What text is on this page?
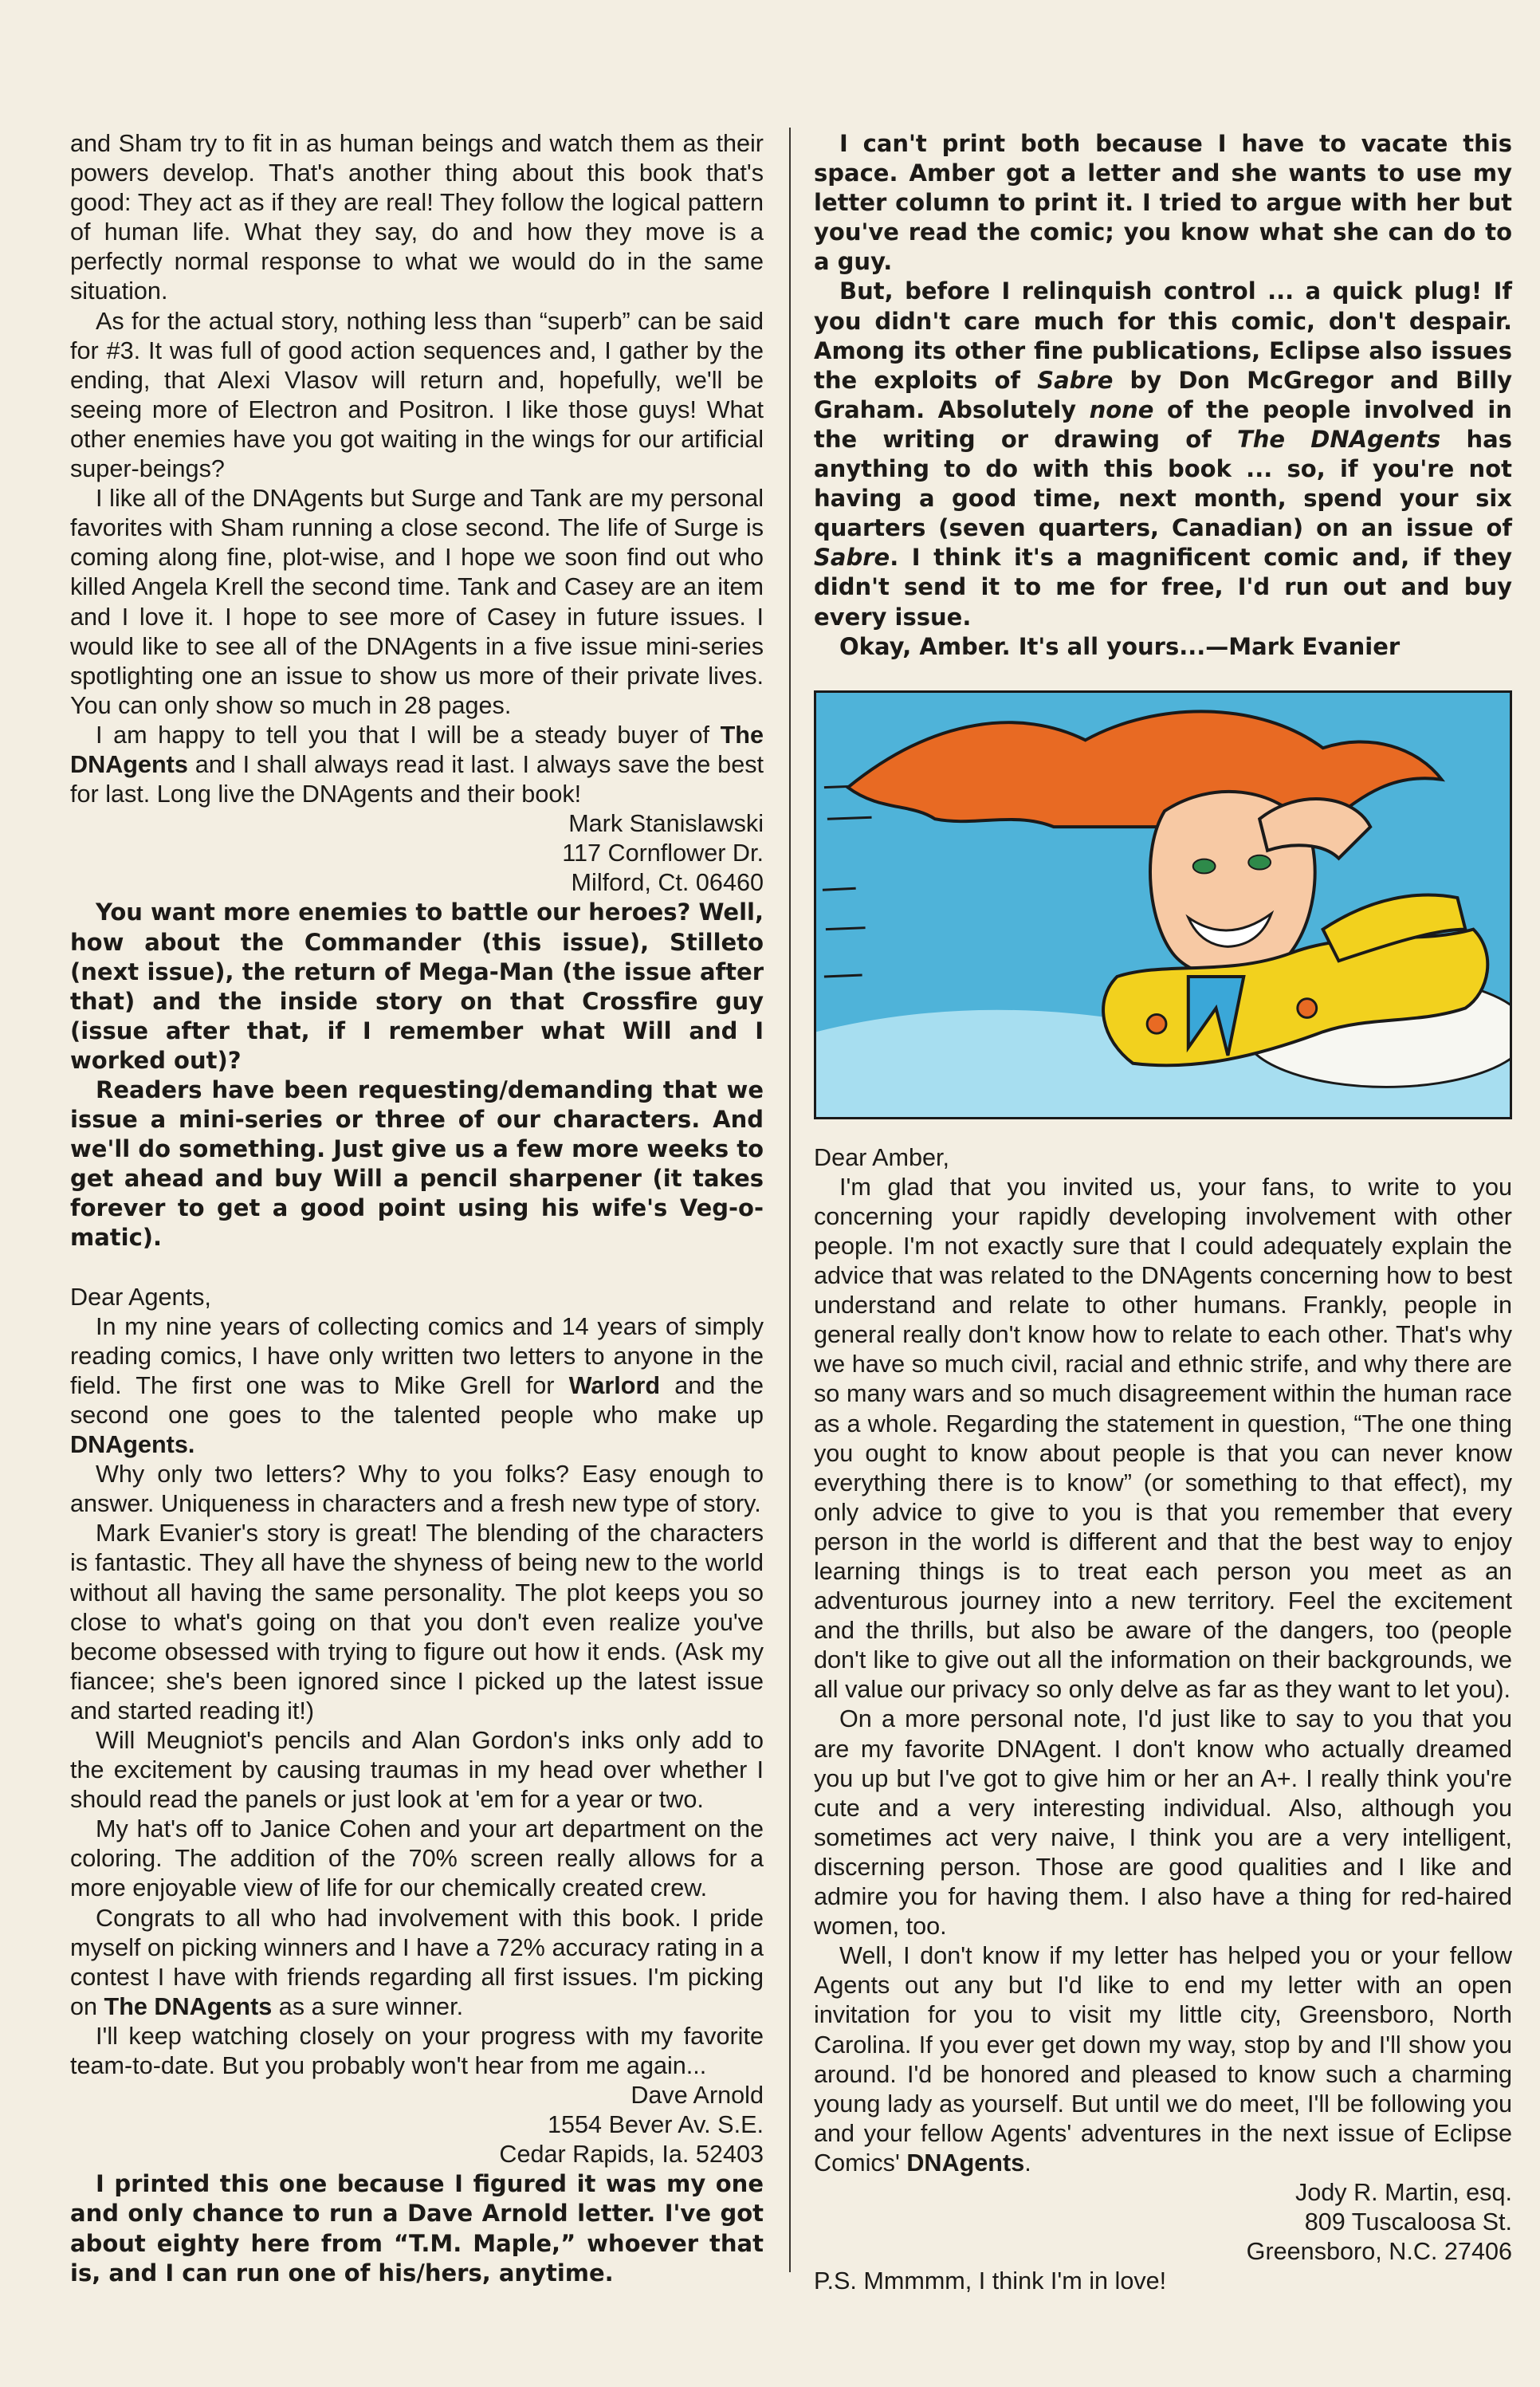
and Sham try to fit in as human beings and watch them as their powers develop. That's another thing about this book that's good: They act as if they are real! They follow the logical pattern of human life. What they say, do and how they move is a perfectly normal response to what we would do in the same situation.

As for the actual story, nothing less than “superb” can be said for #3. It was full of good action sequences and, I gather by the ending, that Alexi Vlasov will return and, hopefully, we'll be seeing more of Electron and Positron. I like those guys! What other enemies have you got waiting in the wings for our artificial super-beings?

I like all of the DNAgents but Surge and Tank are my personal favorites with Sham running a close second. The life of Surge is coming along fine, plot-wise, and I hope we soon find out who killed Angela Krell the second time. Tank and Casey are an item and I love it. I hope to see more of Casey in future issues. I would like to see all of the DNAgents in a five issue mini-series spotlighting one an issue to show us more of their private lives. You can only show so much in 28 pages.

I am happy to tell you that I will be a steady buyer of The DNAgents and I shall always read it last. I always save the best for last. Long live the DNAgents and their book!

Mark Stanislawski

117 Cornflower Dr.

Milford, Ct. 06460

You want more enemies to battle our heroes? Well, how about the Commander (this issue), Stilleto (next issue), the return of Mega-Man (the issue after that) and the inside story on that Crossfire guy (issue after that, if I remember what Will and I worked out)?

Readers have been requesting/demanding that we issue a mini-series or three of our characters. And we'll do something. Just give us a few more weeks to get ahead and buy Will a pencil sharpener (it takes forever to get a good point using his wife's Veg-o-matic).

Dear Agents,

In my nine years of collecting comics and 14 years of simply reading comics, I have only written two letters to anyone in the field. The first one was to Mike Grell for Warlord and the second one goes to the talented people who make up DNAgents.

Why only two letters? Why to you folks? Easy enough to answer. Uniqueness in characters and a fresh new type of story.

Mark Evanier's story is great! The blending of the characters is fantastic. They all have the shyness of being new to the world without all having the same personality. The plot keeps you so close to what's going on that you don't even realize you've become obsessed with trying to figure out how it ends. (Ask my fiancee; she's been ignored since I picked up the latest issue and started reading it!)

Will Meugniot's pencils and Alan Gordon's inks only add to the excitement by causing traumas in my head over whether I should read the panels or just look at 'em for a year or two.

My hat's off to Janice Cohen and your art department on the coloring. The addition of the 70% screen really allows for a more enjoyable view of life for our chemically created crew.

Congrats to all who had involvement with this book. I pride myself on picking winners and I have a 72% accuracy rating in a contest I have with friends regarding all first issues. I'm picking on The DNAgents as a sure winner.

I'll keep watching closely on your progress with my favorite team-to-date. But you probably won't hear from me again...

Dave Arnold

1554 Bever Av. S.E.

Cedar Rapids, Ia. 52403

I printed this one because I figured it was my one and only chance to run a Dave Arnold letter. I've got about eighty here from “T.M. Maple,” whoever that is, and I can run one of his/hers, anytime.

I can't print both because I have to vacate this space. Amber got a letter and she wants to use my letter column to print it. I tried to argue with her but you've read the comic; you know what she can do to a guy.

But, before I relinquish control ... a quick plug! If you didn't care much for this comic, don't despair. Among its other fine publications, Eclipse also issues the exploits of Sabre by Don McGregor and Billy Graham. Absolutely none of the people involved in the writing or drawing of The DNAgents has anything to do with this book ... so, if you're not having a good time, next month, spend your six quarters (seven quarters, Canadian) on an issue of Sabre. I think it's a magnificent comic and, if they didn't send it to me for free, I'd run out and buy every issue.

Okay, Amber. It's all yours...—Mark Evanier

Dear Amber,

I'm glad that you invited us, your fans, to write to you concerning your rapidly developing involvement with other people. I'm not exactly sure that I could adequately explain the advice that was related to the DNAgents concerning how to best understand and relate to other humans. Frankly, people in general really don't know how to relate to each other. That's why we have so much civil, racial and ethnic strife, and why there are so many wars and so much disagreement within the human race as a whole. Regarding the statement in question, “The one thing you ought to know about people is that you can never know everything there is to know” (or something to that effect), my only advice to give to you is that you remember that every person in the world is different and that the best way to enjoy learning things is to treat each person you meet as an adventurous journey into a new territory. Feel the excitement and the thrills, but also be aware of the dangers, too (people don't like to give out all the information on their backgrounds, we all value our privacy so only delve as far as they want to let you).

On a more personal note, I'd just like to say to you that you are my favorite DNAgent. I don't know who actually dreamed you up but I've got to give him or her an A+. I really think you're cute and a very interesting individual. Also, although you sometimes act very naive, I think you are a very intelligent, discerning person. Those are good qualities and I like and admire you for having them. I also have a thing for red-haired women, too.

Well, I don't know if my letter has helped you or your fellow Agents out any but I'd like to end my letter with an open invitation for you to visit my little city, Greensboro, North Carolina. If you ever get down my way, stop by and I'll show you around. I'd be honored and pleased to know such a charming young lady as yourself. But until we do meet, I'll be following you and your fellow Agents' adventures in the next issue of Eclipse Comics' DNAgents.

Jody R. Martin, esq.

809 Tuscaloosa St.

Greensboro, N.C. 27406

P.S. Mmmmm, I think I'm in love!
